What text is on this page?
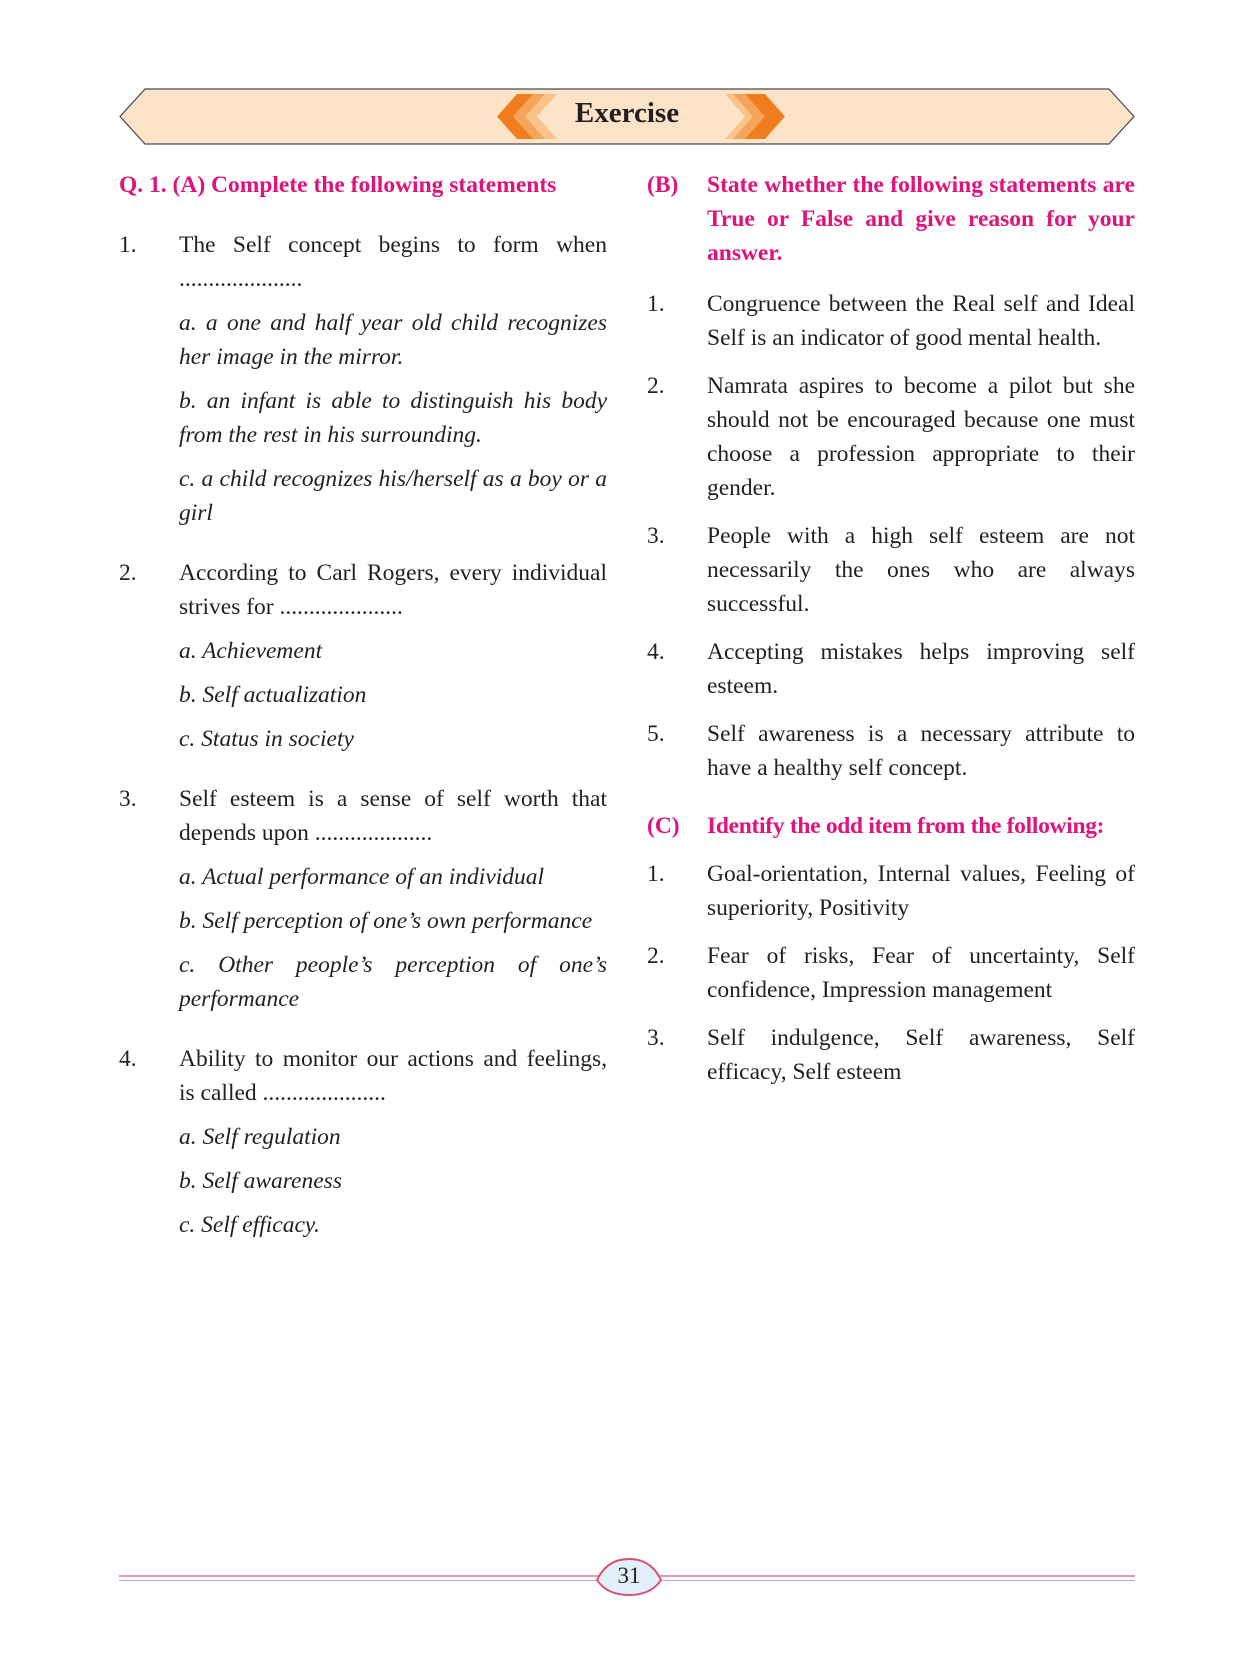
Exercise
Q. 1. (A) Complete the following statements
1.	The Self concept begins to form when .....................
a. a one and half year old child recognizes her image in the mirror.
b. an infant is able to distinguish his body from the rest in his surrounding.
c. a child recognizes his/herself as a boy or a girl
2.	According to Carl Rogers, every individual strives for .....................
a. Achievement
b. Self actualization
c. Status in society
3.	Self esteem is a sense of self worth that depends upon ....................
a. Actual performance of an individual
b. Self perception of one’s own performance
c. Other people’s perception of one’s performance
4.	Ability to monitor our actions and feelings, is called .....................
a. Self regulation
b. Self awareness
c. Self efficacy.
(B)	State whether the following statements are True or False and give reason for your answer.
1.	Congruence between the Real self and Ideal Self is an indicator of good mental health.
2.	Namrata aspires to become a pilot but she should not be encouraged because one must choose a profession appropriate to their gender.
3.	People with a high self esteem are not necessarily the ones who are always successful.
4.	Accepting mistakes helps improving self esteem.
5.	Self awareness is a necessary attribute to have a healthy self concept.
(C)	Identify the odd item from the following:
1.	Goal-orientation, Internal values, Feeling of superiority, Positivity
2.	Fear of risks, Fear of uncertainty, Self confidence, Impression management
3.	Self indulgence, Self awareness, Self efficacy, Self esteem
31
